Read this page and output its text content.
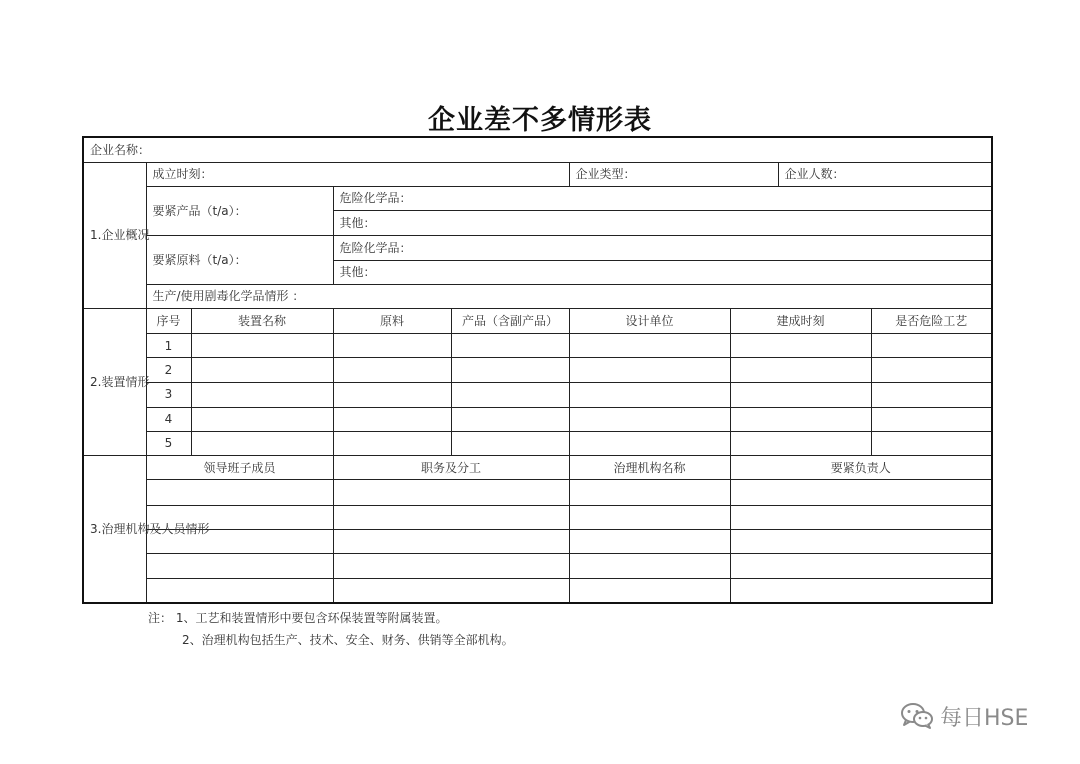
企业差不多情形表
企业名称：								
1.企业概况	成立时刻：				企业类型：		企业人数：	
	要紧产品（t/a）：		危险化学品：					
			其他：					
	要紧原料（t/a）：		危险化学品：					
			其他：					
	生产/使用剧毒化学品情形 ：							
2.装置情形	序号	装置名称	原料	产品（含副产品）	设计单位	建成时刻		是否危险工艺
	1							
	2							
	3							
	4							
	5							
3.治理机构及人员情形	领导班子成员		职务及分工		治理机构名称	要紧负责人		

注： 1、工艺和装置情形中要包含环保装置等附属装置。
2、治理机构包括生产、技术、安全、财务、供销等全部机构。
每日HSE
